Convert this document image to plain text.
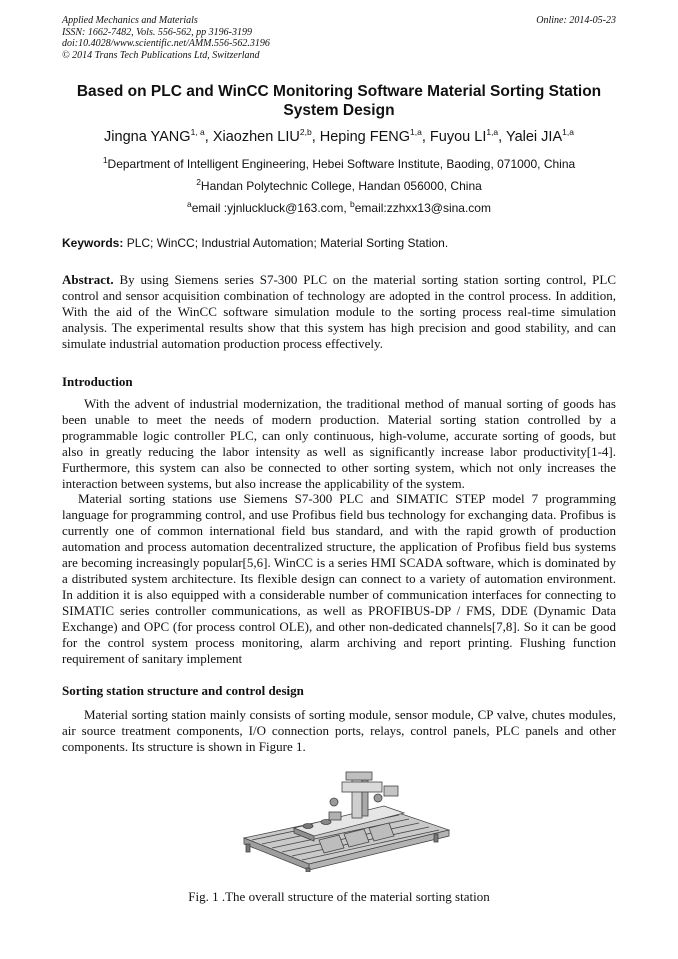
Applied Mechanics and Materials
ISSN: 1662-7482, Vols. 556-562, pp 3196-3199
doi:10.4028/www.scientific.net/AMM.556-562.3196
© 2014 Trans Tech Publications Ltd, Switzerland
Online: 2014-05-23
Based on PLC and WinCC Monitoring Software Material Sorting Station
System Design
Jingna YANG$^{1, a}$, Xiaozhen LIU$^{2,b}$, Heping FENG$^{1,a}$, Fuyou LI$^{1,a}$, Yalei JIA$^{1,a}$
$^1$Department of Intelligent Engineering, Hebei Software Institute, Baoding, 071000, China
$^2$Handan Polytechnic College, Handan 056000, China
$^a$email :yjnluckluck@163.com, $^b$email:zzhxx13@sina.com
Keywords: PLC; WinCC; Industrial Automation; Material Sorting Station.
Abstract. By using Siemens series S7-300 PLC on the material sorting station sorting control, PLC control and sensor acquisition combination of technology are adopted in the control process. In addition, With the aid of the WinCC software simulation module to the sorting process real-time simulation analysis. The experimental results show that this system has high precision and good stability, and can simulate industrial automation production process effectively.
Introduction
With the advent of industrial modernization, the traditional method of manual sorting of goods has been unable to meet the needs of modern production. Material sorting station controlled by a programmable logic controller PLC, can only continuous, high-volume, accurate sorting of goods, but also in greatly reducing the labor intensity as well as significantly increase labor productivity[1-4]. Furthermore, this system can also be connected to other sorting system, which not only increases the interaction between systems, but also increase the applicability of the system.
Material sorting stations use Siemens S7-300 PLC and SIMATIC STEP model 7 programming language for programming control, and use Profibus field bus technology for exchanging data. Profibus is currently one of common international field bus standard, and with the rapid growth of production automation and process automation decentralized structure, the application of Profibus field bus systems are becoming increasingly popular[5,6]. WinCC is a series HMI SCADA software, which is dominated by a distributed system architecture. Its flexible design can connect to a variety of automation environment. In addition it is also equipped with a considerable number of communication interfaces for connecting to SIMATIC series controller communications, as well as PROFIBUS-DP / FMS, DDE (Dynamic Data Exchange) and OPC (for process control OLE), and other non-dedicated channels[7,8]. So it can be good for the control system process monitoring, alarm archiving and report printing. Flushing function requirement of sanitary implement
Sorting station structure and control design
Material sorting station mainly consists of sorting module, sensor module, CP valve, chutes modules, air source treatment components, I/O connection ports, relays, control panels, PLC panels and other components. Its structure is shown in Figure 1.
Fig. 1 .The overall structure of the material sorting station
